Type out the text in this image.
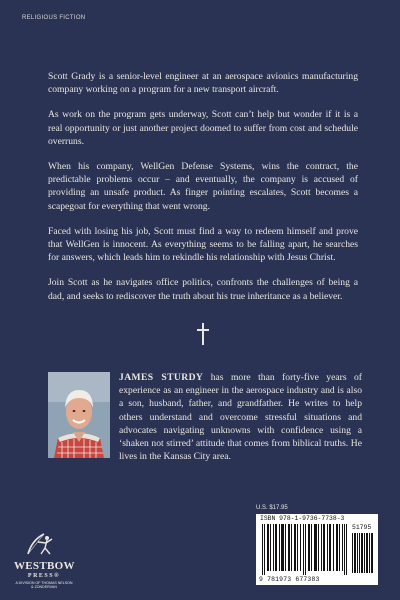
RELIGIOUS FICTION

Scott Grady is a senior-level engineer at an aerospace avionics manufacturing company working on a program for a new transport aircraft.

As work on the program gets underway, Scott can’t help but wonder if it is a real opportunity or just another project doomed to suffer from cost and schedule overruns.

When his company, WellGen Defense Systems, wins the contract, the predictable problems occur – and eventually, the company is accused of providing an unsafe product. As finger pointing escalates, Scott becomes a scapegoat for everything that went wrong.

Faced with losing his job, Scott must find a way to redeem himself and prove that WellGen is innocent. As everything seems to be falling apart, he searches for answers, which leads him to rekindle his relationship with Jesus Christ.

Join Scott as he navigates office politics, confronts the challenges of being a dad, and seeks to rediscover the truth about his true inheritance as a believer.

JAMES STURDY has more than forty-five years of experience as an engineer in the aerospace industry and is also a son, husband, father, and grandfather. He writes to help others understand and overcome stressful situations and advocates navigating unknowns with confidence using a ‘shaken not stirred’ attitude that comes from biblical truths. He lives in the Kansas City area.
WESTBOW
PRESS®
A DIVISION OF THOMAS NELSON & ZONDERVAN
U.S. $17.95
ISBN 978-1-9736-7738-3
51795
9 781973 677383
